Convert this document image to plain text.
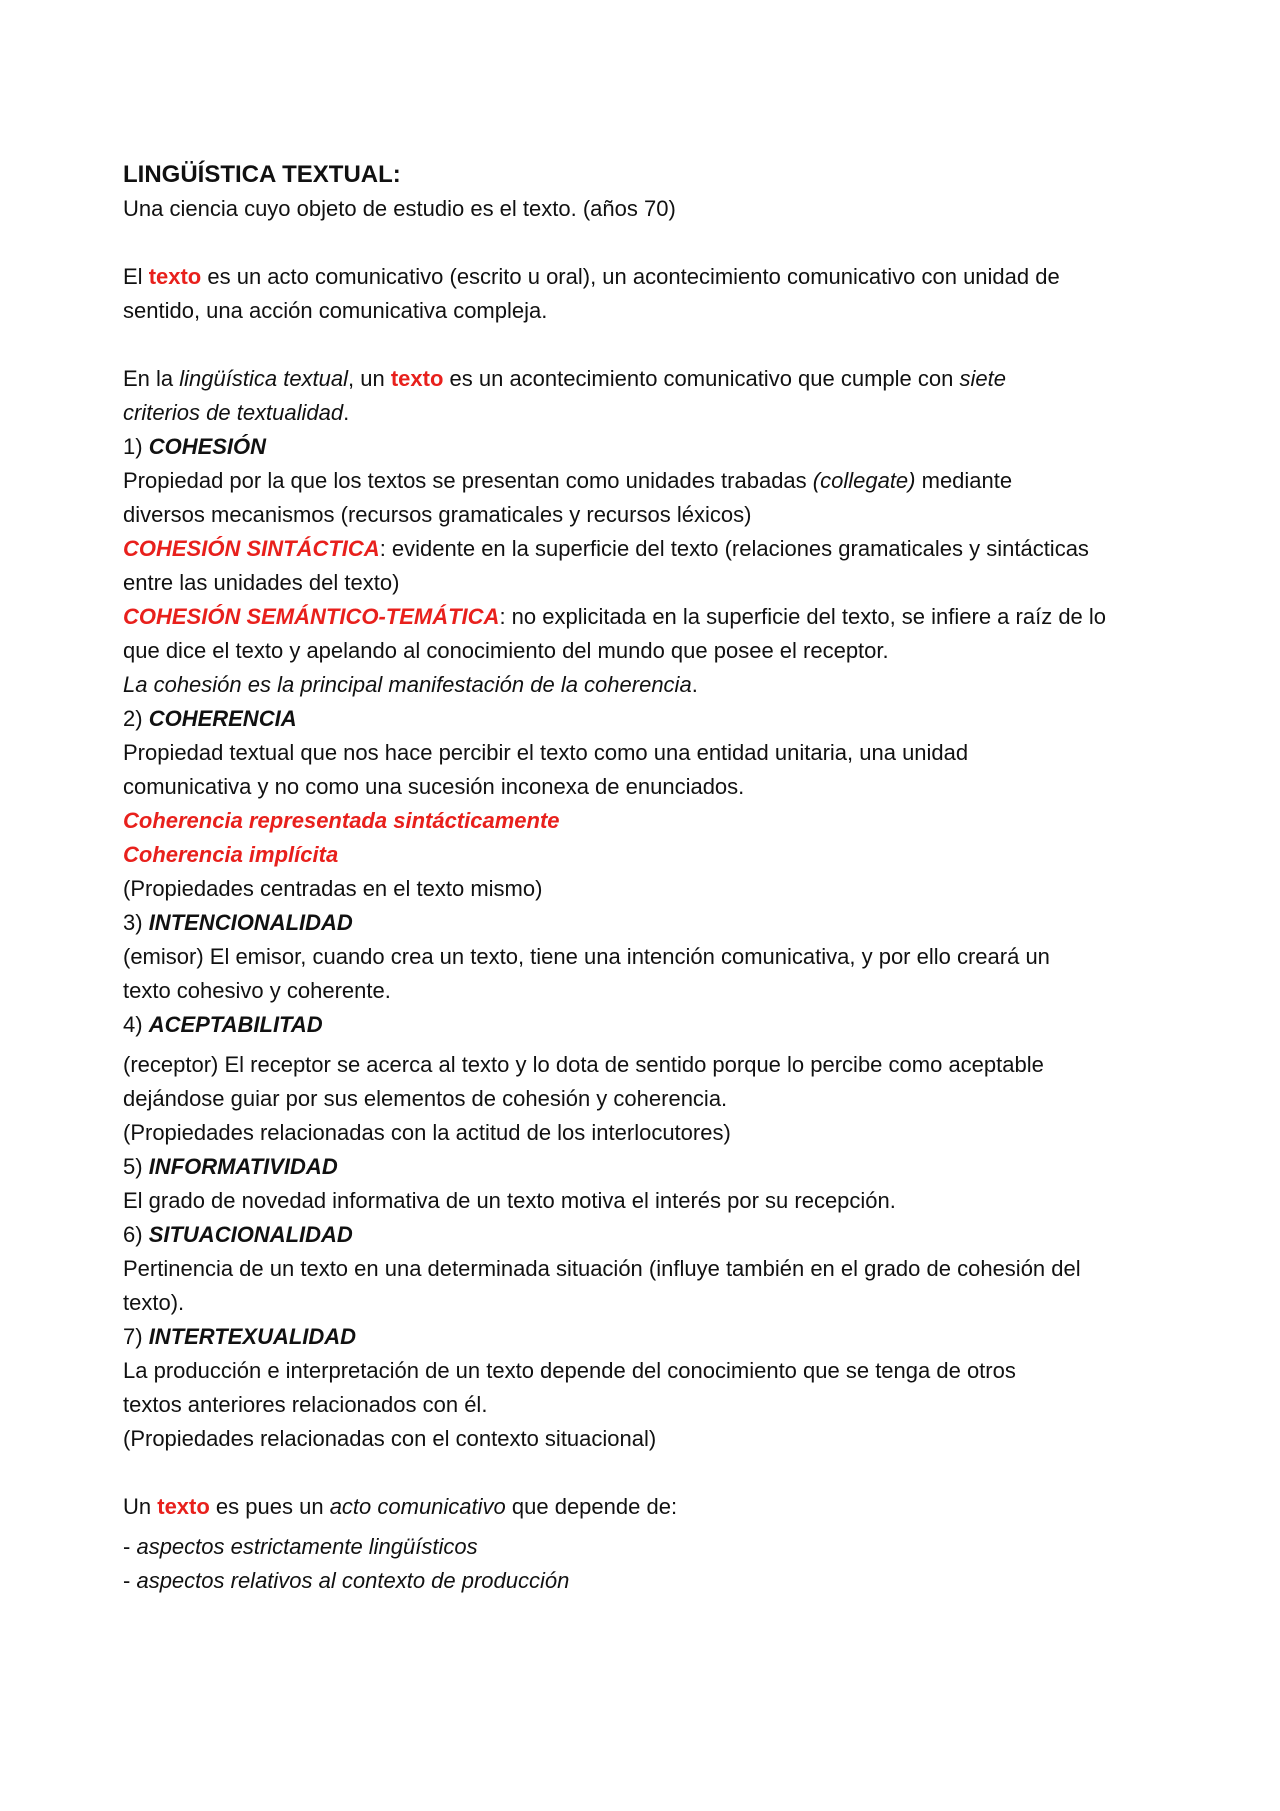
LINGÜÍSTICA TEXTUAL:
Una ciencia cuyo objeto de estudio es el texto. (años 70)
El texto es un acto comunicativo (escrito u oral), un acontecimiento comunicativo con unidad de
sentido, una acción comunicativa compleja.
En la lingüística textual, un texto es un acontecimiento comunicativo que cumple con siete
criterios de textualidad.
1) COHESIÓN
Propiedad por la que los textos se presentan como unidades trabadas (collegate) mediante
diversos mecanismos (recursos gramaticales y recursos léxicos)
COHESIÓN SINTÁCTICA: evidente en la superficie del texto (relaciones gramaticales y sintácticas
entre las unidades del texto)
COHESIÓN SEMÁNTICO-TEMÁTICA: no explicitada en la superficie del texto, se infiere a raíz de lo
que dice el texto y apelando al conocimiento del mundo que posee el receptor.
La cohesión es la principal manifestación de la coherencia.
2) COHERENCIA
Propiedad textual que nos hace percibir el texto como una entidad unitaria, una unidad
comunicativa y no como una sucesión inconexa de enunciados.
Coherencia representada sintácticamente
Coherencia implícita
(Propiedades centradas en el texto mismo)
3) INTENCIONALIDAD
(emisor) El emisor, cuando crea un texto, tiene una intención comunicativa, y por ello creará un
texto cohesivo y coherente.
4) ACEPTABILITAD
(receptor) El receptor se acerca al texto y lo dota de sentido porque lo percibe como aceptable
dejándose guiar por sus elementos de cohesión y coherencia.
(Propiedades relacionadas con la actitud de los interlocutores)
5) INFORMATIVIDAD
El grado de novedad informativa de un texto motiva el interés por su recepción.
6) SITUACIONALIDAD
Pertinencia de un texto en una determinada situación (influye también en el grado de cohesión del
texto).
7) INTERTEXUALIDAD
La producción e interpretación de un texto depende del conocimiento que se tenga de otros
textos anteriores relacionados con él.
(Propiedades relacionadas con el contexto situacional)
Un texto es pues un acto comunicativo que depende de:
- aspectos estrictamente lingüísticos
- aspectos relativos al contexto de producción
